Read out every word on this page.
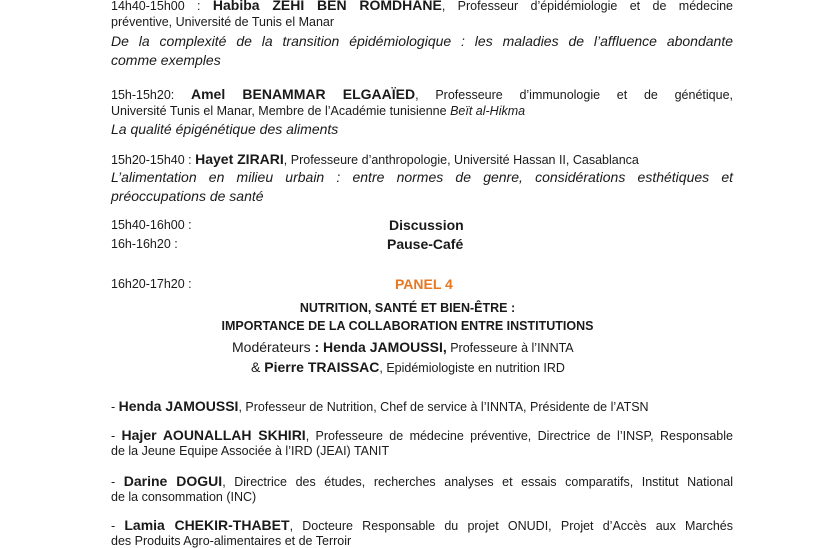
14h40-15h00 : Habiba ZEHI BEN ROMDHANE, Professeur d’épidémiologie et de médecine
préventive, Université de Tunis el Manar
De la complexité de la transition épidémiologique : les maladies de l’affluence abondante
comme exemples
15h-15h20: Amel BENAMMAR ELGAAÏED, Professeure d’immunologie et de génétique,
Université Tunis el Manar, Membre de l’Académie tunisienne Beït al-Hikma
La qualité épigénétique des aliments
15h20-15h40 : Hayet ZIRARI, Professeure d’anthropologie, Université Hassan II, Casablanca
L’alimentation en milieu urbain : entre normes de genre, considérations esthétiques et
préoccupations de santé
15h40-16h00 :	Discussion
16h-16h20 :	Pause-Café
16h20-17h20 :	PANEL 4
NUTRITION, SANTÉ ET BIEN-ÊTRE :
IMPORTANCE DE LA COLLABORATION ENTRE INSTITUTIONS
Modérateurs : Henda JAMOUSSI, Professeure à l’INNTA
& Pierre TRAISSAC, Epidémiologiste en nutrition IRD
- Henda JAMOUSSI, Professeur de Nutrition, Chef de service à l’INNTA, Présidente de l’ATSN
- Hajer AOUNALLAH SKHIRI, Professeure de médecine préventive, Directrice de l’INSP, Responsable
de la Jeune Equipe Associée à l’IRD (JEAI) TANIT
- Darine DOGUI, Directrice des études, recherches analyses et essais comparatifs, Institut National
de la consommation (INC)
- Lamia CHEKIR-THABET, Docteure Responsable du projet ONUDI, Projet d’Accès aux Marchés
des Produits Agro-alimentaires et de Terroir
